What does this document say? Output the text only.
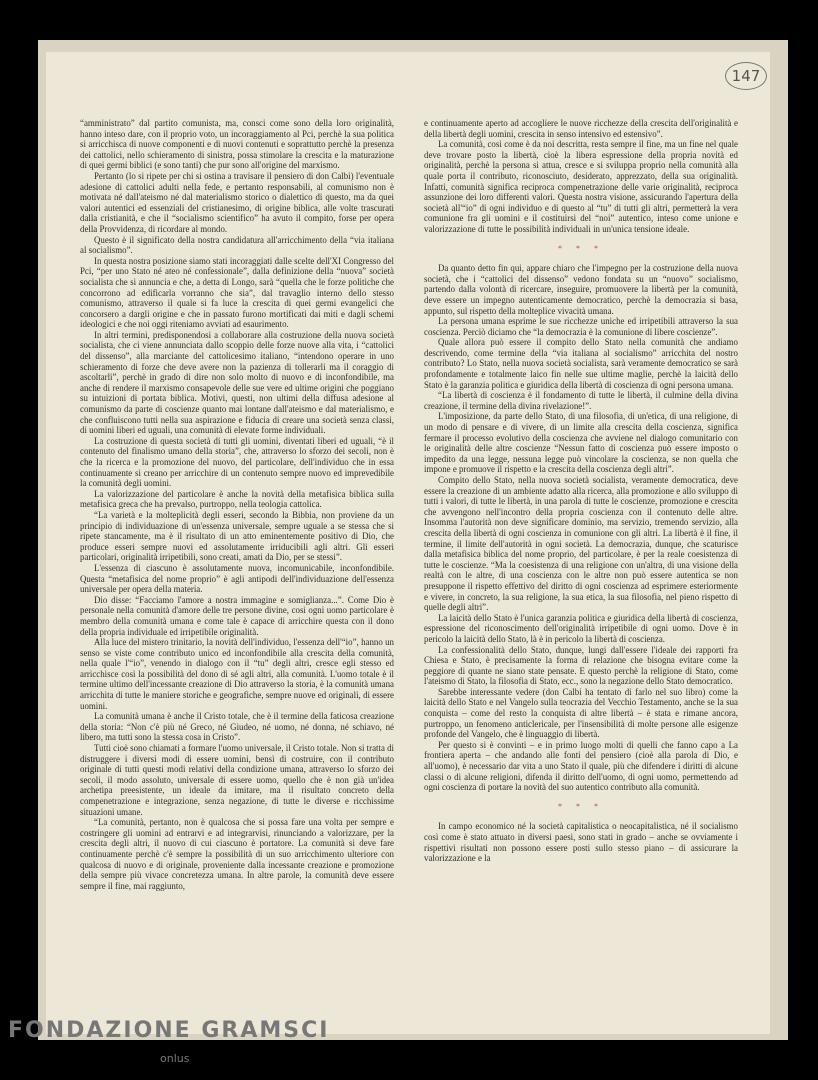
147

“amministrato” dal partito comunista, ma, consci come sono della loro originalità, hanno inteso dare, con il proprio voto, un incoraggiamento al Pci, perchè la sua politica si arricchisca di nuove componenti e di nuovi contenuti e soprattutto perchè la presenza dei cattolici, nello schieramento di sinistra, possa stimolare la crescita e la maturazione di quei germi biblici (e sono tanti) che pur sono all'origine del marxismo.

Pertanto (lo si ripete per chi si ostina a travisare il pensiero di don Calbi) l'eventuale adesione di cattolici adulti nella fede, e pertanto responsabili, al comunismo non è motivata né dall'ateismo né dal materialismo storico o dialettico di questo, ma da quei valori autentici ed essenziali del cristianesimo, di origine biblica, alle volte trascurati dalla cristianità, e che il “socialismo scientifico” ha avuto il compito, forse per opera della Provvidenza, di ricordare al mondo.

Questo è il significato della nostra candidatura all'arricchimento della “via italiana al socialismo”.

In questa nostra posizione siamo stati incoraggiati dalle scelte dell'XI Congresso del Pci, “per uno Stato né ateo né confessionale”, dalla definizione della “nuova” società socialista che si annuncia e che, a detta di Longo, sarà “quella che le forze politiche che concorrono ad edificarla vorranno che sia”, dal travaglio interno dello stesso comunismo, attraverso il quale si fa luce la crescita di quei germi evangelici che concorsero a dargli origine e che in passato furono mortificati dai miti e dagli schemi ideologici e che noi oggi riteniamo avviati ad esaurimento.

In altri termini, predisponendosi a collaborare alla costruzione della nuova società socialista, che ci viene annunciata dallo scoppio delle forze nuove alla vita, i “cattolici del dissenso”, alla marciante del cattolicesimo italiano, “intendono operare in uno schieramento di forze che deve avere non la pazienza di tollerarli ma il coraggio di ascoltarli”, perchè in grado di dire non solo molto di nuovo e di inconfondibile, ma anche di rendere il marxismo consapevole delle sue vere ed ultime origini che poggiano su intuizioni di portata biblica. Motivi, questi, non ultimi della diffusa adesione al comunismo da parte di coscienze quanto mai lontane dall'ateismo e dal materialismo, e che confluiscono tutti nella sua aspirazione e fiducia di creare una società senza classi, di uomini liberi ed uguali, una comunità di elevate forme individuali.

La costruzione di questa società di tutti gli uomini, diventati liberi ed uguali, “è il contenuto del finalismo umano della storia”, che, attraverso lo sforzo dei secoli, non è che la ricerca e la promozione del nuovo, del particolare, dell'individuo che in essa continuamente si creano per arricchire di un contenuto sempre nuovo ed imprevedibile la comunità degli uomini.

La valorizzazione del particolare è anche la novità della metafisica biblica sulla metafisica greca che ha prevalso, purtroppo, nella teologia cattolica.

“La varietà e la molteplicità degli esseri, secondo la Bibbia, non proviene da un principio di individuazione di un'essenza universale, sempre uguale a se stessa che si ripete stancamente, ma è il risultato di un atto eminentemente positivo di Dio, che produce esseri sempre nuovi ed assolutamente irriducibili agli altri. Gli esseri particolari, originalità irripetibili, sono creati, amati da Dio, per se stessi”.

L'essenza di ciascuno è assolutamente nuova, incomunicabile, inconfondibile. Questa “metafisica del nome proprio” è agli antipodi dell'individuazione dell'essenza universale per opera della materia.

Dio disse: “Facciamo l'amore a nostra immagine e somiglianza...”. Come Dio è personale nella comunità d'amore delle tre persone divine, così ogni uomo particolare è membro della comunità umana e come tale è capace di arricchire questa con il dono della propria individuale ed irripetibile originalità.

Alla luce del mistero trinitario, la novità dell'individuo, l'essenza dell'“io”, hanno un senso se viste come contributo unico ed inconfondibile alla crescita della comunità, nella quale l'“io”, venendo in dialogo con il “tu” degli altri, cresce egli stesso ed arricchisce così la possibilità del dono di sé agli altri, alla comunità. L'uomo totale è il termine ultimo dell'incessante creazione di Dio attraverso la storia, è la comunità umana arricchita di tutte le maniere storiche e geografiche, sempre nuove ed originali, di essere uomini.

La comunità umana è anche il Cristo totale, che è il termine della faticosa creazione della storia: “Non c'è più né Greco, né Giudeo, né uomo, né donna, né schiavo, né libero, ma tutti sono la stessa cosa in Cristo”.

Tutti cioè sono chiamati a formare l'uomo universale, il Cristo totale. Non si tratta di distruggere i diversi modi di essere uomini, bensì di costruire, con il contributo originale di tutti questi modi relativi della condizione umana, attraverso lo sforzo dei secoli, il modo assoluto, universale di essere uomo, quello che è non già un'idea archetipa preesistente, un ideale da imitare, ma il risultato concreto della compenetrazione e integrazione, senza negazione, di tutte le diverse e ricchissime situazioni umane.

“La comunità, pertanto, non è qualcosa che si possa fare una volta per sempre e costringere gli uomini ad entrarvi e ad integrarvisi, rinunciando a valorizzare, per la crescita degli altri, il nuovo di cui ciascuno è portatore. La comunità si deve fare continuamente perchè c'è sempre la possibilità di un suo arricchimento ulteriore con qualcosa di nuovo e di originale, proveniente dalla incessante creazione e promozione della sempre più vivace concretezza umana. In altre parole, la comunità deve essere sempre il fine, mai raggiunto,

e continuamente aperto ad accogliere le nuove ricchezze della crescita dell'originalità e della libertà degli uomini, crescita in senso intensivo ed estensivo”.

La comunità, così come è da noi descritta, resta sempre il fine, ma un fine nel quale deve trovare posto la libertà, cioè la libera espressione della propria novità ed originalità, perchè la persona si attua, cresce e si sviluppa proprio nella comunità alla quale porta il contributo, riconosciuto, desiderato, apprezzato, della sua originalità. Infatti, comunità significa reciproca compenetrazione delle varie originalità, reciproca assunzione dei loro differenti valori. Questa nostra visione, assicurando l'apertura della società all'“io” di ogni individuo e di questo al “tu” di tutti gli altri, permetterà la vera comunione fra gli uomini e il costituirsi del “noi” autentico, inteso come unione e valorizzazione di tutte le possibilità individuali in un'unica tensione ideale.

* * *

Da quanto detto fin qui, appare chiaro che l'impegno per la costruzione della nuova società, che i “cattolici del dissenso” vedono fondata su un “nuovo” socialismo, partendo dalla volontà di ricercare, inseguire, promuovere la libertà per la comunità, deve essere un impegno autenticamente democratico, perchè la democrazia si basa, appunto, sul rispetto della molteplice vivacità umana.

La persona umana esprime le sue ricchezze uniche ed irripetibili attraverso la sua coscienza. Perciò diciamo che “la democrazia è la comunione di libere coscienze”.

Quale allora può essere il compito dello Stato nella comunità che andiamo descrivendo, come termine della “via italiana al socialismo” arricchita del nostro contributo? Lo Stato, nella nuova società socialista, sarà veramente democratico se sarà profondamente e totalmente laico fin nelle sue ultime maglie, perchè la laicità dello Stato è la garanzia politica e giuridica della libertà di coscienza di ogni persona umana.

“La libertà di coscienza è il fondamento di tutte le libertà, il culmine della divina creazione, il termine della divina rivelazione!”.

L'imposizione, da parte dello Stato, di una filosofia, di un'etica, di una religione, di un modo di pensare e di vivere, di un limite alla crescita della coscienza, significa fermare il processo evolutivo della coscienza che avviene nel dialogo comunitario con le originalità delle altre coscienze “Nessun fatto di coscienza può essere imposto o impedito da una legge, nessuna legge può vincolare la coscienza, se non quella che impone e promuove il rispetto e la crescita della coscienza degli altri”.

Compito dello Stato, nella nuova società socialista, veramente democratica, deve essere la creazione di un ambiente adatto alla ricerca, alla promozione e allo sviluppo di tutti i valori, di tutte le libertà, in una parola di tutte le coscienze, promozione e crescita che avvengono nell'incontro della propria coscienza con il contenuto delle altre. Insomma l'autorità non deve significare dominio, ma servizio, tremendo servizio, alla crescita della libertà di ogni coscienza in comunione con gli altri. La libertà è il fine, il termine, il limite dell'autorità in ogni società. La democrazia, dunque, che scaturisce dalla metafisica biblica del nome proprio, del particolare, è per la reale coesistenza di tutte le coscienze. “Ma la coesistenza di una religione con un'altra, di una visione della realtà con le altre, di una coscienza con le altre non può essere autentica se non presuppone il rispetto effettivo del diritto di ogni coscienza ad esprimere esteriormente e vivere, in concreto, la sua religione, la sua etica, la sua filosofia, nel pieno rispetto di quelle degli altri”.

La laicità dello Stato è l'unica garanzia politica e giuridica della libertà di coscienza, espressione del riconoscimento dell'originalità irripetibile di ogni uomo. Dove è in pericolo la laicità dello Stato, là è in pericolo la libertà di coscienza.

La confessionalità dello Stato, dunque, lungi dall'essere l'ideale dei rapporti fra Chiesa e Stato, è precisamente la forma di relazione che bisogna evitare come la peggiore di quante ne siano state pensate. E questo perchè la religione di Stato, come l'ateismo di Stato, la filosofia di Stato, ecc., sono la negazione dello Stato democratico.

Sarebbe interessante vedere (don Calbi ha tentato di farlo nel suo libro) come la laicità dello Stato e nel Vangelo sulla teocrazia del Vecchio Testamento, anche se la sua conquista – come del resto la conquista di altre libertà – è stata e rimane ancora, purtroppo, un fenomeno anticlericale, per l'insensibilità di molte persone alle esigenze profonde del Vangelo, che è linguaggio di libertà.

Per questo si è convinti – e in primo luogo molti di quelli che fanno capo a La frontiera aperta – che andando alle fonti del pensiero (cioè alla parola di Dio, e all'uomo), è necessario dar vita a uno Stato il quale, più che difendere i diritti di alcune classi o di alcune religioni, difenda il diritto dell'uomo, di ogni uomo, permettendo ad ogni coscienza di portare la novità del suo autentico contributo alla comunità.

* * *

In campo economico né la società capitalistica o neocapitalistica, né il socialismo così come è stato attuato in diversi paesi, sono stati in grado – anche se ovviamente i rispettivi risultati non possono essere posti sullo stesso piano – di assicurare la valorizzazione e la

FONDAZIONE GRAMSCI
onlus
